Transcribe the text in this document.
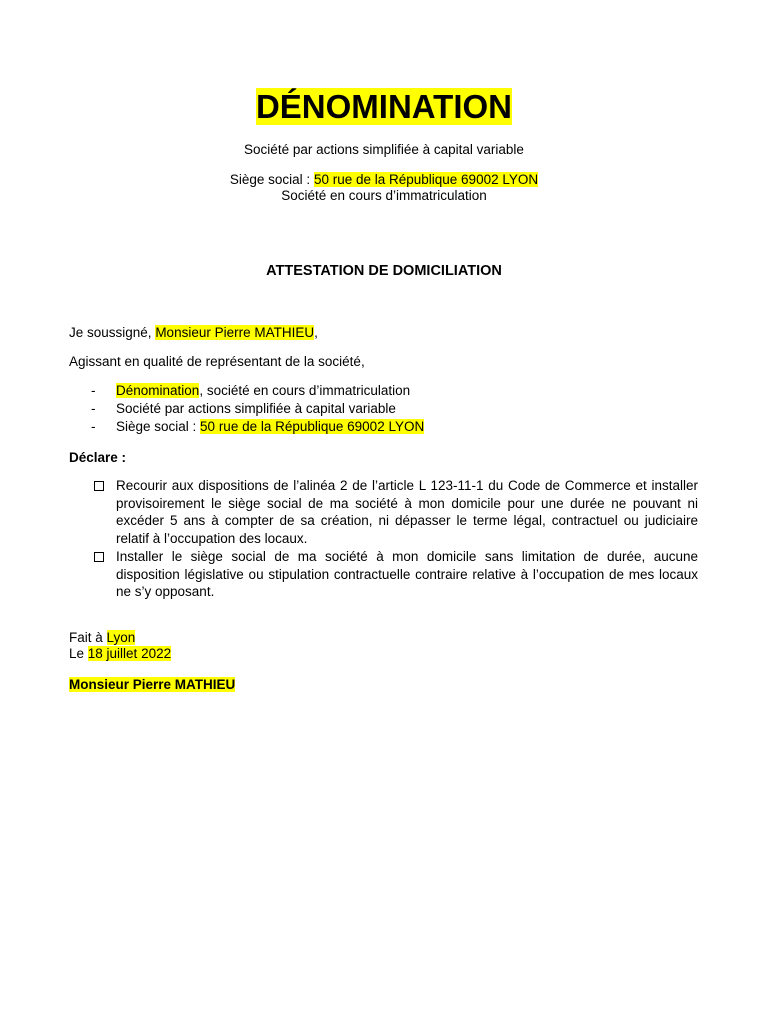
DÉNOMINATION
Société par actions simplifiée à capital variable
Siège social : 50 rue de la République 69002 LYON
Société en cours d’immatriculation
ATTESTATION DE DOMICILIATION
Je soussigné, Monsieur Pierre MATHIEU,
Agissant en qualité de représentant de la société,
- Dénomination, société en cours d’immatriculation
- Société par actions simplifiée à capital variable
- Siège social : 50 rue de la République 69002 LYON
Déclare :
Recourir aux dispositions de l’alinéa 2 de l’article L 123-11-1 du Code de Commerce et installer provisoirement le siège social de ma société à mon domicile pour une durée ne pouvant ni excéder 5 ans à compter de sa création, ni dépasser le terme légal, contractuel ou judiciaire relatif à l’occupation des locaux.
Installer le siège social de ma société à mon domicile sans limitation de durée, aucune disposition législative ou stipulation contractuelle contraire relative à l’occupation de mes locaux ne s’y opposant.
Fait à Lyon
Le 18 juillet 2022
Monsieur Pierre MATHIEU
